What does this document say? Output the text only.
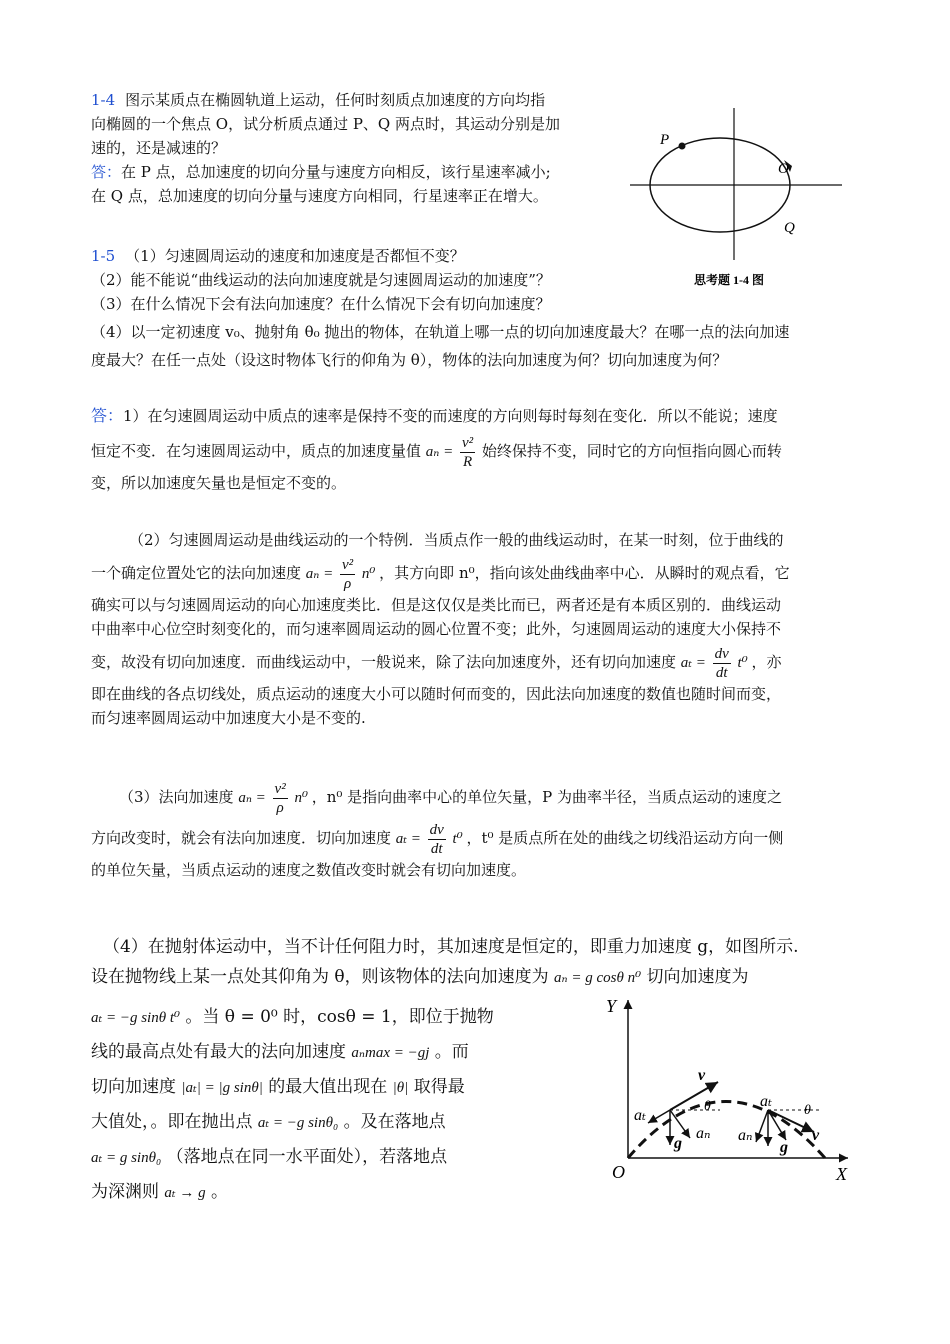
1-4 图示某质点在椭圆轨道上运动，任何时刻质点加速度的方向均指
向椭圆的一个焦点 O，试分析质点通过 P、Q 两点时，其运动分别是加
速的，还是减速的？
答：在 P 点，总加速度的切向分量与速度方向相反，该行星速率减小;
在 Q 点，总加速度的切向分量与速度方向相同，行星速率正在增大。
P
O
Q
思考题 1-4 图
1-5 （1）匀速圆周运动的速度和加速度是否都恒不变？
（2）能不能说“曲线运动的法向加速度就是匀速圆周运动的加速度”？
（3）在什么情况下会有法向加速度？在什么情况下会有切向加速度？
（4）以一定初速度 v₀、抛射角 θ₀ 抛出的物体，在轨道上哪一点的切向加速度最大？在哪一点的法向加速
度最大？在任一点处（设这时物体飞行的仰角为 θ），物体的法向加速度为何？切向加速度为何？
答：1）在匀速圆周运动中质点的速率是保持不变的而速度的方向则每时每刻在变化．所以不能说；速度
恒定不变．在匀速圆周运动中，质点的加速度量值 $a_n = \frac{\text{v²}}{R}$ 始终保持不变，同时它的方向恒指向圆心而转
变，所以加速度矢量也是恒定不变的。
（2）匀速圆周运动是曲线运动的一个特例．当质点作一般的曲线运动时，在某一时刻，位于曲线的
一个确定位置处它的法向加速度 $a_n = \frac{\text{v²}}{\rho} n^0$ ，其方向即 n⁰，指向该处曲线曲率中心．从瞬时的观点看，它
确实可以与匀速圆周运动的向心加速度类比．但是这仅仅是类比而已，两者还是有本质区别的．曲线运动
中曲率中心位空时刻变化的，而匀速率圆周运动的圆心位置不变；此外，匀速圆周运动的速度大小保持不
变，故没有切向加速度．而曲线运动中，一般说来，除了法向加速度外，还有切向加速度 $a_t = \frac{dv}{dt} t^0$ ，亦
即在曲线的各点切线处，质点运动的速度大小可以随时何而变的，因此法向加速度的数值也随时间而变，
而匀速率圆周运动中加速度大小是不变的.
（3）法向加速度 $a_n = \frac{\text{v²}}{\rho} n^0$ ，n⁰ 是指向曲率中心的单位矢量，P 为曲率半径，当质点运动的速度之
方向改变时，就会有法向加速度．切向加速度 $a_t = \frac{dv}{dt} t^0$ ，t⁰ 是质点所在处的曲线之切线沿运动方向一侧
的单位矢量，当质点运动的速度之数值改变时就会有切向加速度。
（4）在抛射体运动中，当不计任何阻力时，其加速度是恒定的，即重力加速度 g，如图所示.
设在抛物线上某一点处其仰角为 θ，则该物体的法向加速度为 aₙ = g cosθ n⁰ 切向加速度为
aₜ = −g sinθ t⁰ 。当 θ = 0⁰ 时，cosθ = 1，即位于抛物
线的最高点处有最大的法向加速度 aₙmax = −gj 。而
切向加速度 |aₜ| = |g sinθ| 的最大值出现在 |θ| 取得最
大值处，。即在抛出点 aₜ = −g sinθ₀ 。及在落地点
aₜ = g sinθ₀ （落地点在同一水平面处），若落地点
为深渊则 aₜ → g 。
Y
X
O
v
aₜ
aₙ
g
θ	aₜ
aₙ
g
v
θ
